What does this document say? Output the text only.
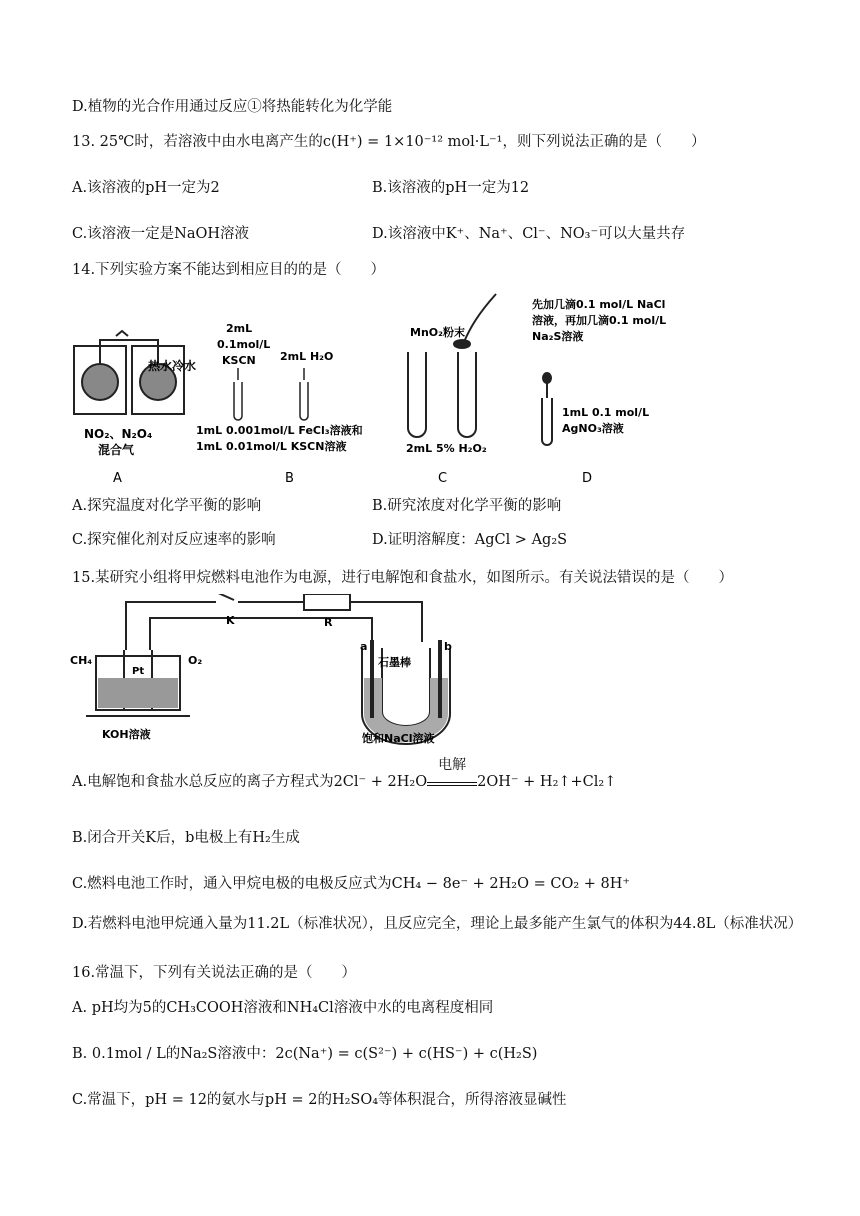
D.植物的光合作用通过反应①将热能转化为化学能
13. 25℃时，若溶液中由水电离产生的c(H⁺) = 1×10⁻¹² mol·L⁻¹，则下列说法正确的是（　　）
A.该溶液的pH一定为2	B.该溶液的pH一定为12
C.该溶液一定是NaOH溶液	D.该溶液中K⁺、Na⁺、Cl⁻、NO₃⁻可以大量共存
14.下列实验方案不能达到相应目的的是（　　）
热水 冷水
NO₂、N₂O₄
混合气
A
2mL
0.1mol/L
KSCN 2mL H₂O
1mL 0.001mol/L FeCl₃溶液和
1mL 0.01mol/L KSCN溶液
B
MnO₂粉末
2mL 5% H₂O₂
C
先加几滴0.1 mol/L NaCl
溶液，再加几滴0.1 mol/L
Na₂S溶液
1mL 0.1 mol/L
AgNO₃溶液
D
A.探究温度对化学平衡的影响	B.研究浓度对化学平衡的影响
C.探究催化剂对反应速率的影响	D.证明溶解度：AgCl > Ag₂S
15.某研究小组将甲烷燃料电池作为电源，进行电解饱和食盐水，如图所示。有关说法错误的是（　　）
CH₄	O₂
K	R
Pt
a	b
石墨棒
KOH溶液	饱和NaCl溶液
A.电解饱和食盐水总反应的离子方程式为2Cl⁻ + 2H₂O
电解
2OH⁻ + H₂↑+Cl₂↑
B.闭合开关K后，b电极上有H₂生成
C.燃料电池工作时，通入甲烷电极的电极反应式为CH₄ − 8e⁻ + 2H₂O = CO₂ + 8H⁺
D.若燃料电池甲烷通入量为11.2L（标准状况），且反应完全，理论上最多能产生氯气的体积为44.8L（标准状况）
16.常温下，下列有关说法正确的是（　　）
A. pH均为5的CH₃COOH溶液和NH₄Cl溶液中水的电离程度相同
B. 0.1mol / L的Na₂S溶液中：2c(Na⁺) = c(S²⁻) + c(HS⁻) + c(H₂S)
C.常温下，pH = 12的氨水与pH = 2的H₂SO₄等体积混合，所得溶液显碱性
